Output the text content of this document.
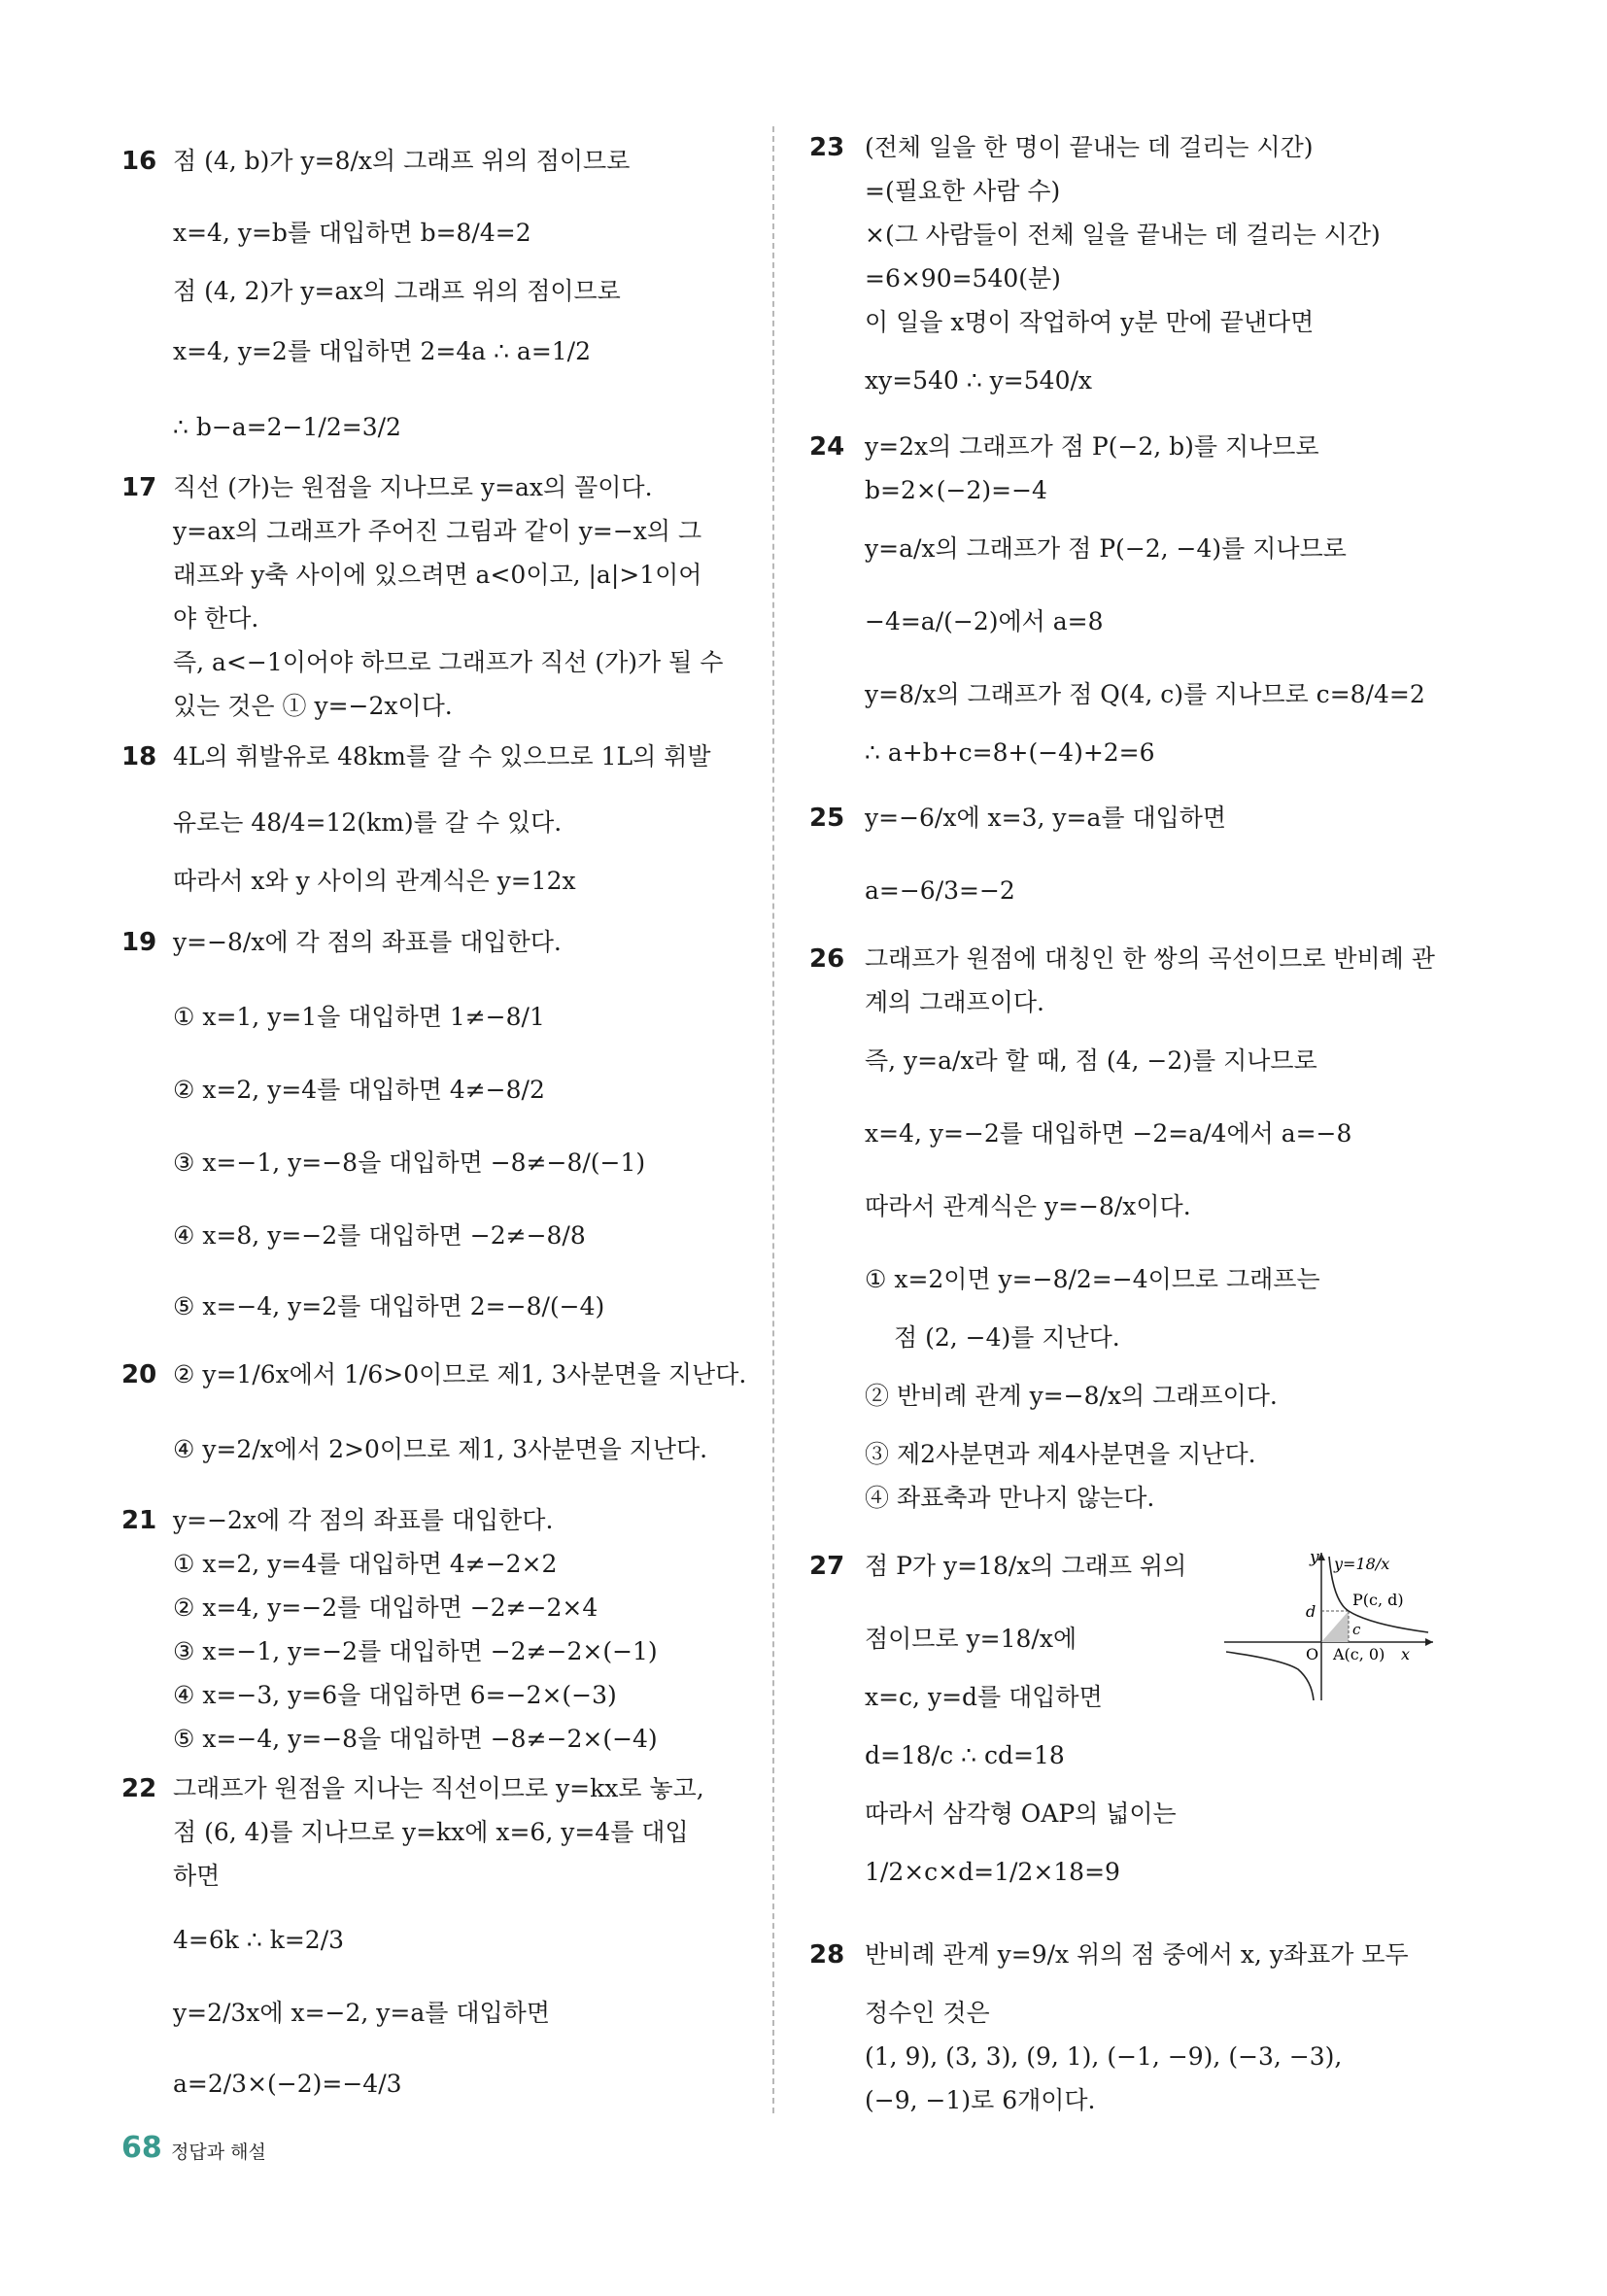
16
17
18
19
20
21
22
점 (4, b)가 y=8/x의 그래프 위의 점이므로
x=4, y=b를 대입하면 b=8/4=2
점 (4, 2)가 y=ax의 그래프 위의 점이므로
x=4, y=2를 대입하면 2=4a ∴ a=1/2
∴ b−a=2−1/2=3/2
직선 (가)는 원점을 지나므로 y=ax의 꼴이다.
y=ax의 그래프가 주어진 그림과 같이 y=−x의 그
래프와 y축 사이에 있으려면 a<0이고, |a|>1이어
야 한다.
즉, a<−1이어야 하므로 그래프가 직선 (가)가 될 수
있는 것은 ① y=−2x이다.
4L의 휘발유로 48km를 갈 수 있으므로 1L의 휘발
유로는 48/4=12(km)를 갈 수 있다.
따라서 x와 y 사이의 관계식은 y=12x
y=−8/x에 각 점의 좌표를 대입한다.
① x=1, y=1을 대입하면 1≠−8/1
② x=2, y=4를 대입하면 4≠−8/2
③ x=−1, y=−8을 대입하면 −8≠−8/(−1)
④ x=8, y=−2를 대입하면 −2≠−8/8
⑤ x=−4, y=2를 대입하면 2=−8/(−4)
② y=1/6x에서 1/6>0이므로 제1, 3사분면을 지난다.
④ y=2/x에서 2>0이므로 제1, 3사분면을 지난다.
y=−2x에 각 점의 좌표를 대입한다.
① x=2, y=4를 대입하면 4≠−2×2
② x=4, y=−2를 대입하면 −2≠−2×4
③ x=−1, y=−2를 대입하면 −2≠−2×(−1)
④ x=−3, y=6을 대입하면 6=−2×(−3)
⑤ x=−4, y=−8을 대입하면 −8≠−2×(−4)
그래프가 원점을 지나는 직선이므로 y=kx로 놓고,
점 (6, 4)를 지나므로 y=kx에 x=6, y=4를 대입
하면
4=6k ∴ k=2/3
y=2/3x에 x=−2, y=a를 대입하면
a=2/3×(−2)=−4/3
23
24
25
26
27
28
(전체 일을 한 명이 끝내는 데 걸리는 시간)
=(필요한 사람 수)
×(그 사람들이 전체 일을 끝내는 데 걸리는 시간)
=6×90=540(분)
이 일을 x명이 작업하여 y분 만에 끝낸다면
xy=540 ∴ y=540/x
y=2x의 그래프가 점 P(−2, b)를 지나므로
b=2×(−2)=−4
y=a/x의 그래프가 점 P(−2, −4)를 지나므로
−4=a/(−2)에서 a=8
y=8/x의 그래프가 점 Q(4, c)를 지나므로 c=8/4=2
∴ a+b+c=8+(−4)+2=6
y=−6/x에 x=3, y=a를 대입하면
a=−6/3=−2
그래프가 원점에 대칭인 한 쌍의 곡선이므로 반비례 관
계의 그래프이다.
즉, y=a/x라 할 때, 점 (4, −2)를 지나므로
x=4, y=−2를 대입하면 −2=a/4에서 a=−8
따라서 관계식은 y=−8/x이다.
① x=2이면 y=−8/2=−4이므로 그래프는
점 (2, −4)를 지난다.
② 반비례 관계 y=−8/x의 그래프이다.
③ 제2사분면과 제4사분면을 지난다.
④ 좌표축과 만나지 않는다.
점 P가 y=18/x의 그래프 위의
점이므로 y=18/x에
x=c, y=d를 대입하면
d=18/c ∴ cd=18
따라서 삼각형 OAP의 넓이는
1/2×c×d=1/2×18=9
반비례 관계 y=9/x 위의 점 중에서 x, y좌표가 모두
정수인 것은
(1, 9), (3, 3), (9, 1), (−1, −9), (−3, −3),
(−9, −1)로 6개이다.
y y=18/x
P(c, d)
d
c
O A(c, 0) x
68 정답과 해설
